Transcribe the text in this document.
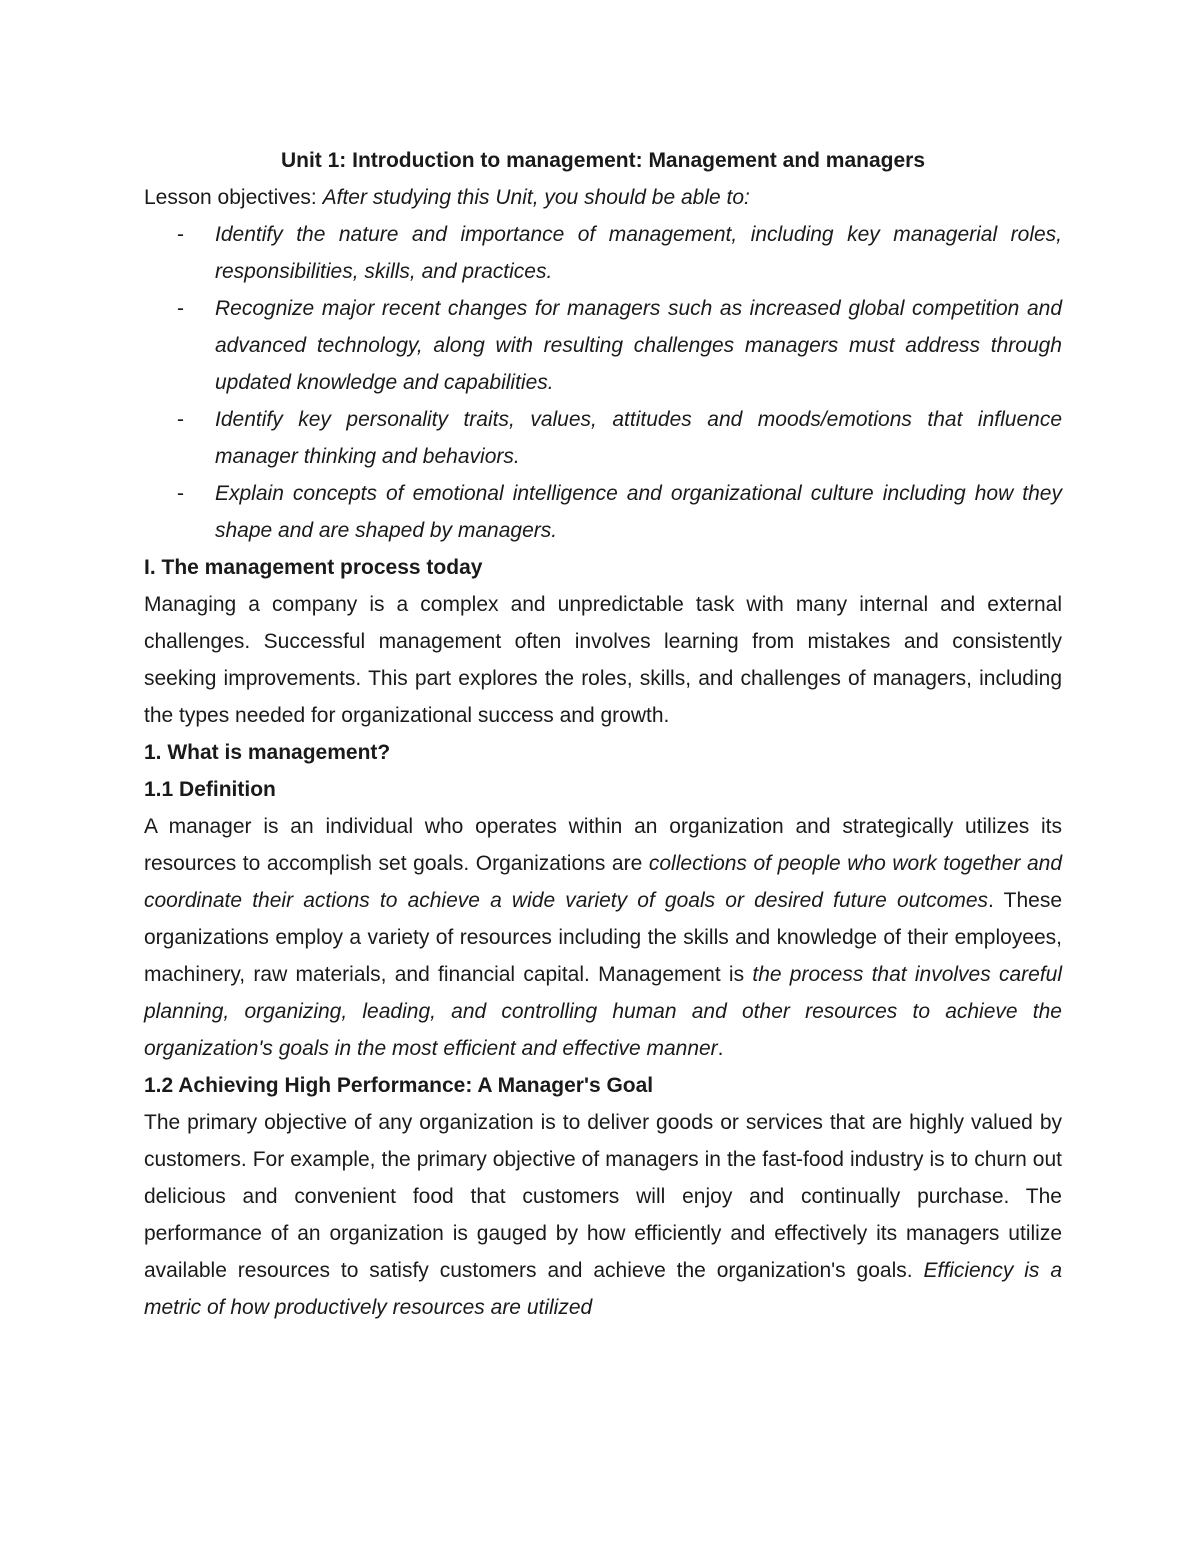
Unit 1: Introduction to management: Management and managers

Lesson objectives: After studying this Unit, you should be able to:

- Identify the nature and importance of management, including key managerial roles, responsibilities, skills, and practices.
- Recognize major recent changes for managers such as increased global competition and advanced technology, along with resulting challenges managers must address through updated knowledge and capabilities.
- Identify key personality traits, values, attitudes and moods/emotions that influence manager thinking and behaviors.
- Explain concepts of emotional intelligence and organizational culture including how they shape and are shaped by managers.
I. The management process today

Managing a company is a complex and unpredictable task with many internal and external challenges. Successful management often involves learning from mistakes and consistently seeking improvements. This part explores the roles, skills, and challenges of managers, including the types needed for organizational success and growth.

1. What is management?
1.1 Definition

A manager is an individual who operates within an organization and strategically utilizes its resources to accomplish set goals. Organizations are collections of people who work together and coordinate their actions to achieve a wide variety of goals or desired future outcomes. These organizations employ a variety of resources including the skills and knowledge of their employees, machinery, raw materials, and financial capital. Management is the process that involves careful planning, organizing, leading, and controlling human and other resources to achieve the organization's goals in the most efficient and effective manner.

1.2 Achieving High Performance: A Manager's Goal

The primary objective of any organization is to deliver goods or services that are highly valued by customers. For example, the primary objective of managers in the fast-food industry is to churn out delicious and convenient food that customers will enjoy and continually purchase. The performance of an organization is gauged by how efficiently and effectively its managers utilize available resources to satisfy customers and achieve the organization's goals. Efficiency is a metric of how productively resources are utilized
